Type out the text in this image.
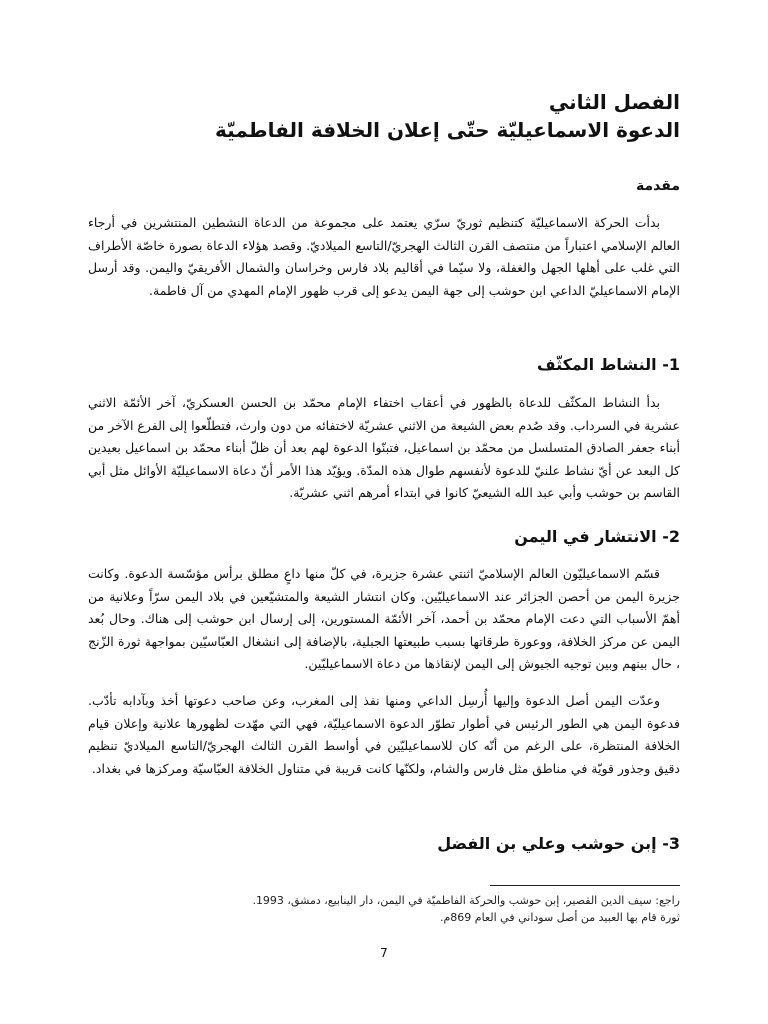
الفصل الثاني

الدعوة الاسماعيليّة حتّى إعلان الخلافة الفاطميّة

مقدمة

بدأت الحركة الاسماعيليّة كتنظيم ثوريّ سرّي يعتمد على مجموعة من الدعاة النشطين المنتشرين في أرجاء العالم الإسلامي اعتباراً من منتصف القرن الثالث الهجريّ/التاسع الميلاديّ. وقصد هؤلاء الدعاة بصورة خاصّة الأطراف التي غلب على أهلها الجهل والغفلة، ولا سيّما في أقاليم بلاد فارس وخراسان والشمال الأفريقيّ واليمن. وقد أرسل الإمام الاسماعيليّ الداعي ابن حوشب إلى جهة اليمن يدعو إلى قرب ظهور الإمام المهدي من آل فاطمة.

1- النشاط المكثّف

بدأ النشاط المكثّف للدعاة بالظهور في أعقاب اختفاء الإمام محمّد بن الحسن العسكريّ، آخر الأئمّة الاثني عشرية في السرداب. وقد صُدم بعض الشيعة من الاثني عشريّة لاختفائه من دون وارث، فتطلّعوا إلى الفرع الآخر من أبناء جعفر الصادق المتسلسل من محمّد بن اسماعيل، فتبنّوا الدعوة لهم بعد أن ظلّ أبناء محمّد بن اسماعيل بعيدين كل البعد عن أيّ نشاط علنيّ للدعوة لأنفسهم طوال هذه المدّة. ويؤيّد هذا الأمر أنّ دعاة الاسماعيليّة الأوائل مثل أبي القاسم بن حوشب وأبي عبد الله الشيعيّ كانوا في ابتداء أمرهم اثني عشريّة.

2- الانتشار في اليمن

قسّم الاسماعيليّون العالم الإسلاميّ اثنتي عشرة جزيرة، في كلّ منها داعٍ مطلق برأس مؤسّسة الدعوة. وكانت جزيرة اليمن من أحصن الجزائر عند الاسماعيليّين. وكان انتشار الشيعة والمتشيّعين في بلاد اليمن سرّاً وعلانية من أهمّ الأسباب التي دعت الإمام محمّد بن أحمد، آخر الأئمّة المستورين، إلى إرسال ابن حوشب إلى هناك. وحال بُعد اليمن عن مركز الخلافة، ووعورة طرقاتها بسبب طبيعتها الجبلية، بالإضافة إلى انشغال العبّاسيّين بمواجهة ثورة الزّنج ، حال بينهم وبين توجيه الجيوش إلى اليمن لإنقاذها من دعاة الاسماعيليّين.

وعدّت اليمن أصل الدعوة وإليها أُرسِل الداعي ومنها نفذ إلى المغرب، وعن صاحب دعوتها أخذ وبآدابه تأدّب. فدعوة اليمن هي الطور الرئيس في أطوار تطوّر الدعوة الاسماعيليّة، فهي التي مهّدت لظهورها علانية وإعلان قيام الخلافة المنتظرة، على الرغم من أنّه كان للاسماعيليّين في أواسط القرن الثالث الهجريّ/التاسع الميلاديّ تنظيم دقيق وجذور قويّة في مناطق مثل فارس والشام، ولكنّها كانت قريبة في متناول الخلافة العبّاسيّة ومركزها في بغداد.

3- إبن حوشب وعلي بن الفضل

راجع: سيف الدين القصير، إبن حوشب والحركة الفاطميّة في اليمن، دار الينابيع، دمشق، 1993.

ثورة قام بها العبيد من أصل سوداني في العام 869م.

7
